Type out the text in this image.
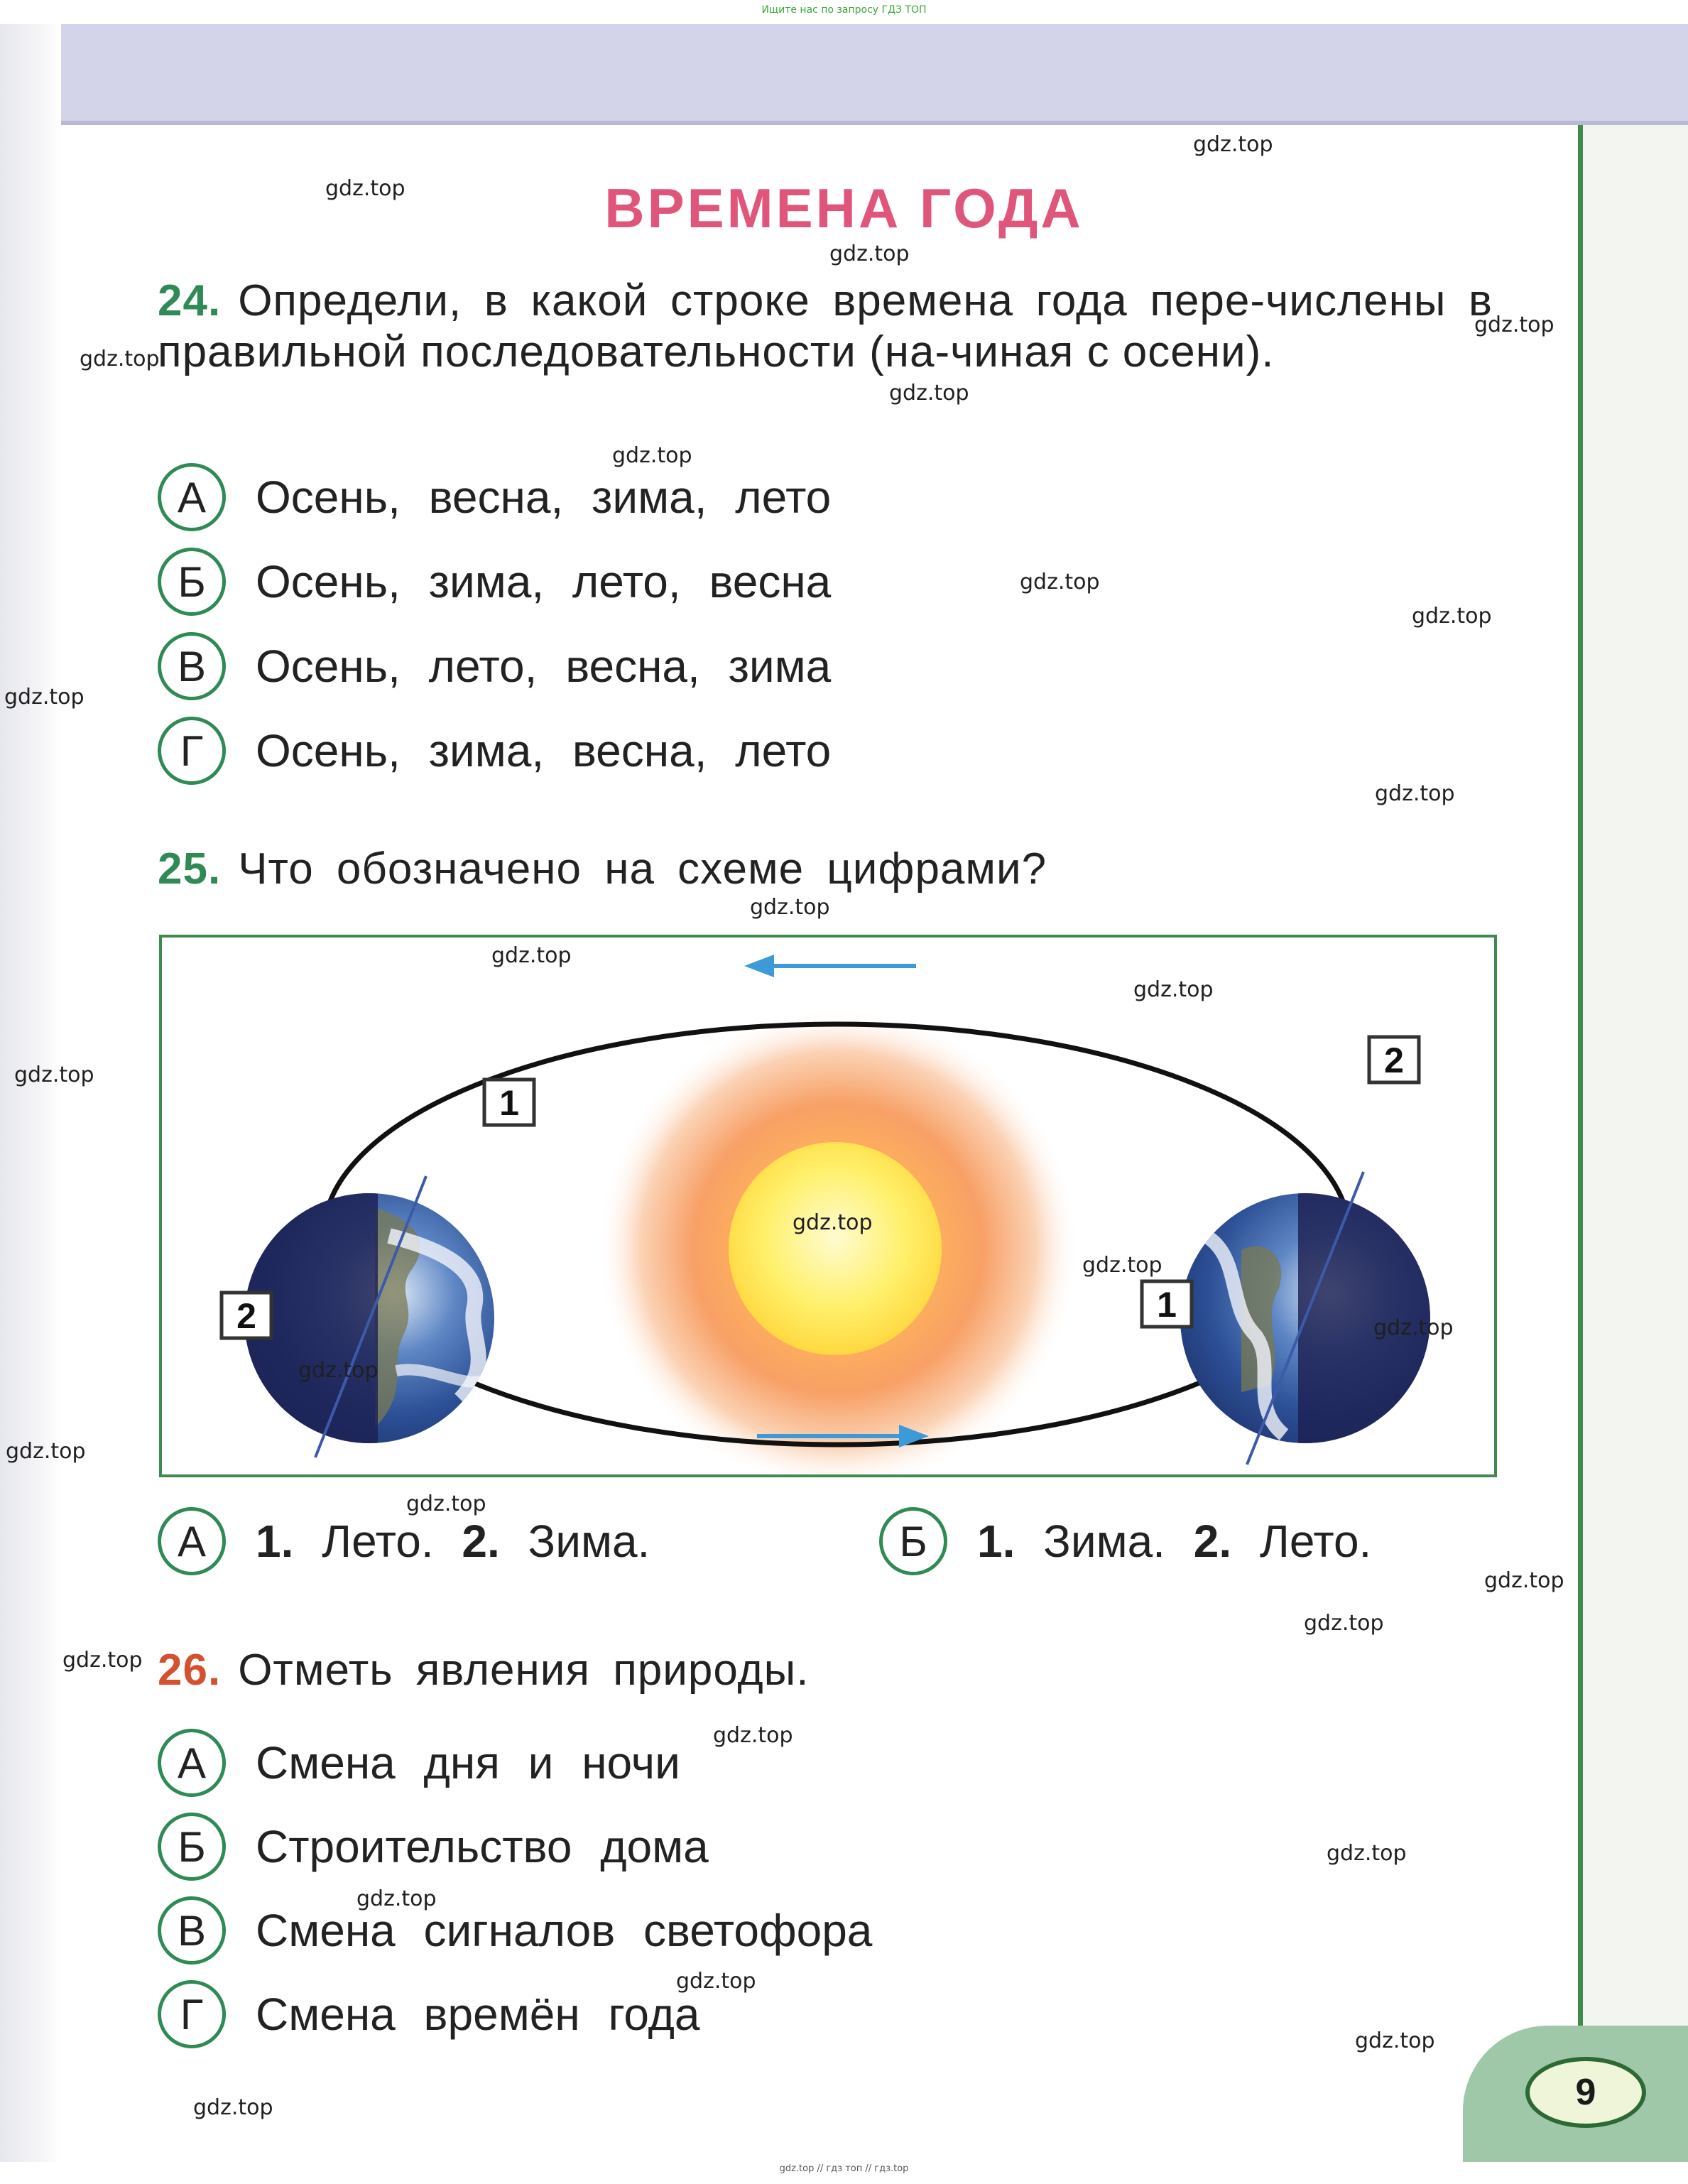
Ищите нас по запросу ГДЗ ТОП
9
ВРЕМЕНА ГОДА
24. Определи, в какой строке времена года пере-числены в правильной последовательности (на-чиная с осени).
А	Осень, весна, зима, лето
Б	Осень, зима, лето, весна
В	Осень, лето, весна, зима
Г	Осень, зима, весна, лето
25. Что обозначено на схеме цифрами?
1
2	1
2
А	1. Лето. 2. Зима.	Б	1. Зима. 2. Лето.
26. Отметь явления природы.
А	Смена дня и ночи
Б	Строительство дома
В	Смена сигналов светофора
Г	Смена времён года
gdz.top
gdz.top
gdz.top
gdz.top
gdz.top
gdz.top
gdz.top
gdz.top
gdz.top
gdz.top
gdz.top
gdz.top
gdz.top
gdz.top
gdz.top
gdz.top
gdz.top
gdz.top
gdz.top
gdz.top
gdz.top
gdz.top
gdz.top
gdz.top
gdz.top
gdz.top
gdz.top
gdz.top
gdz.top
gdz.top
gdz.top // гдз топ // гдз.top
